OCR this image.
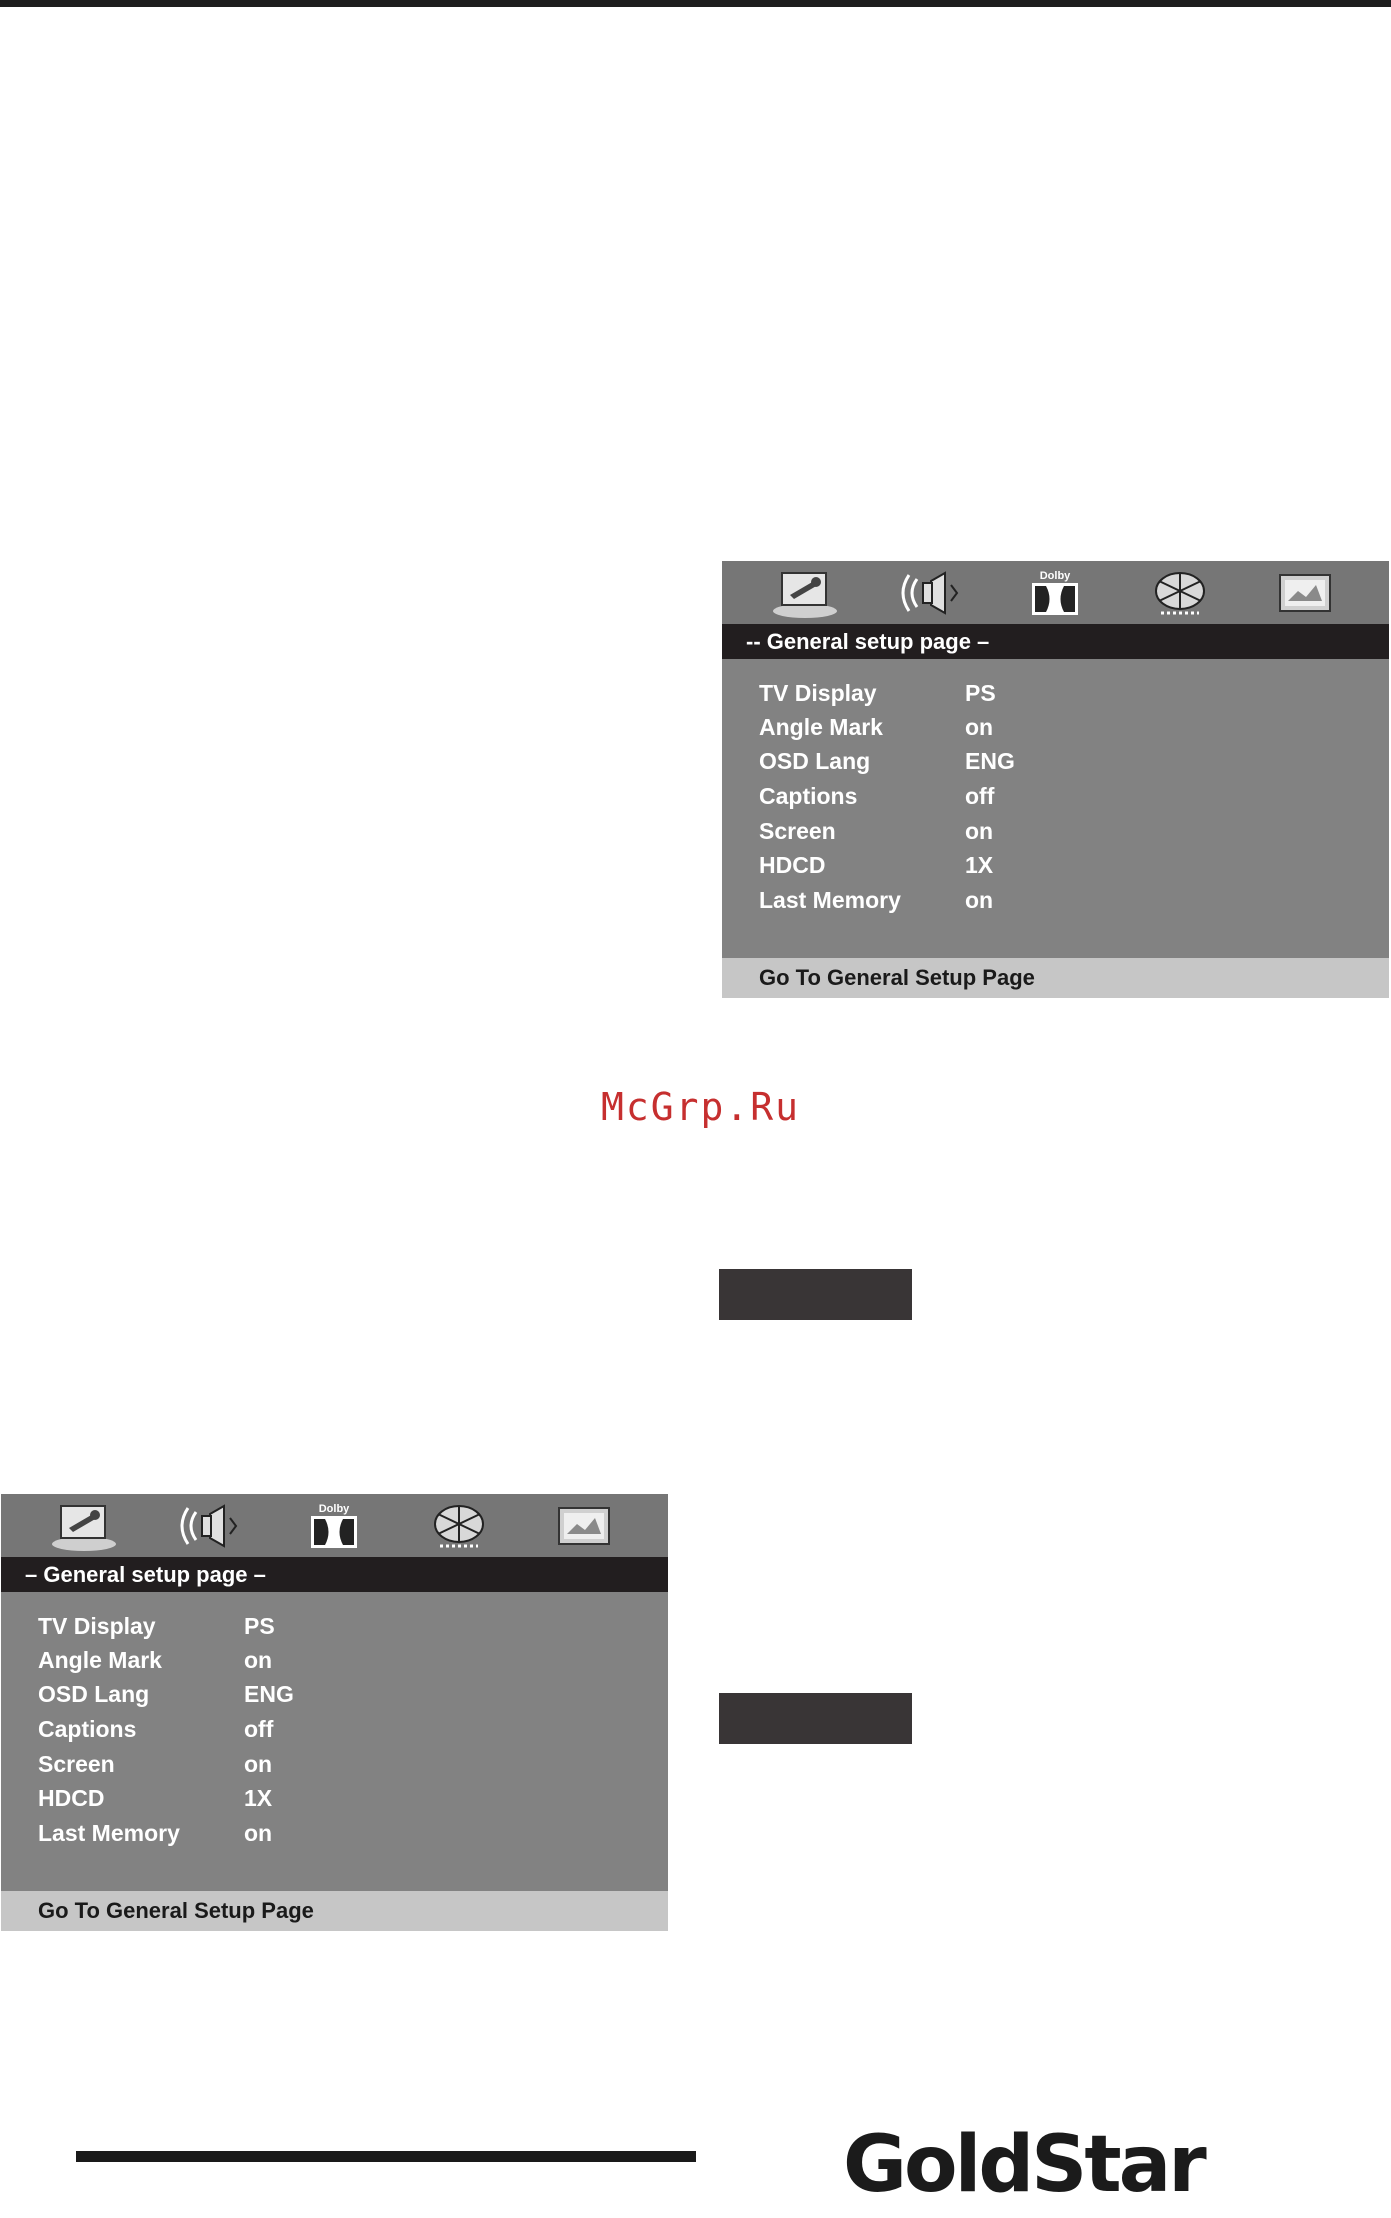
Dolby
-- General setup page –
TV Display	PS
Angle Mark	on
OSD Lang	ENG
Captions	off
Screen	on
HDCD	1X
Last Memory	on
Go To General Setup Page
McGrp.Ru
Dolby
– General setup page –
TV Display	PS
Angle Mark	on
OSD Lang	ENG
Captions	off
Screen	on
HDCD	1X
Last Memory	on
Go To General Setup Page
GoldStar
